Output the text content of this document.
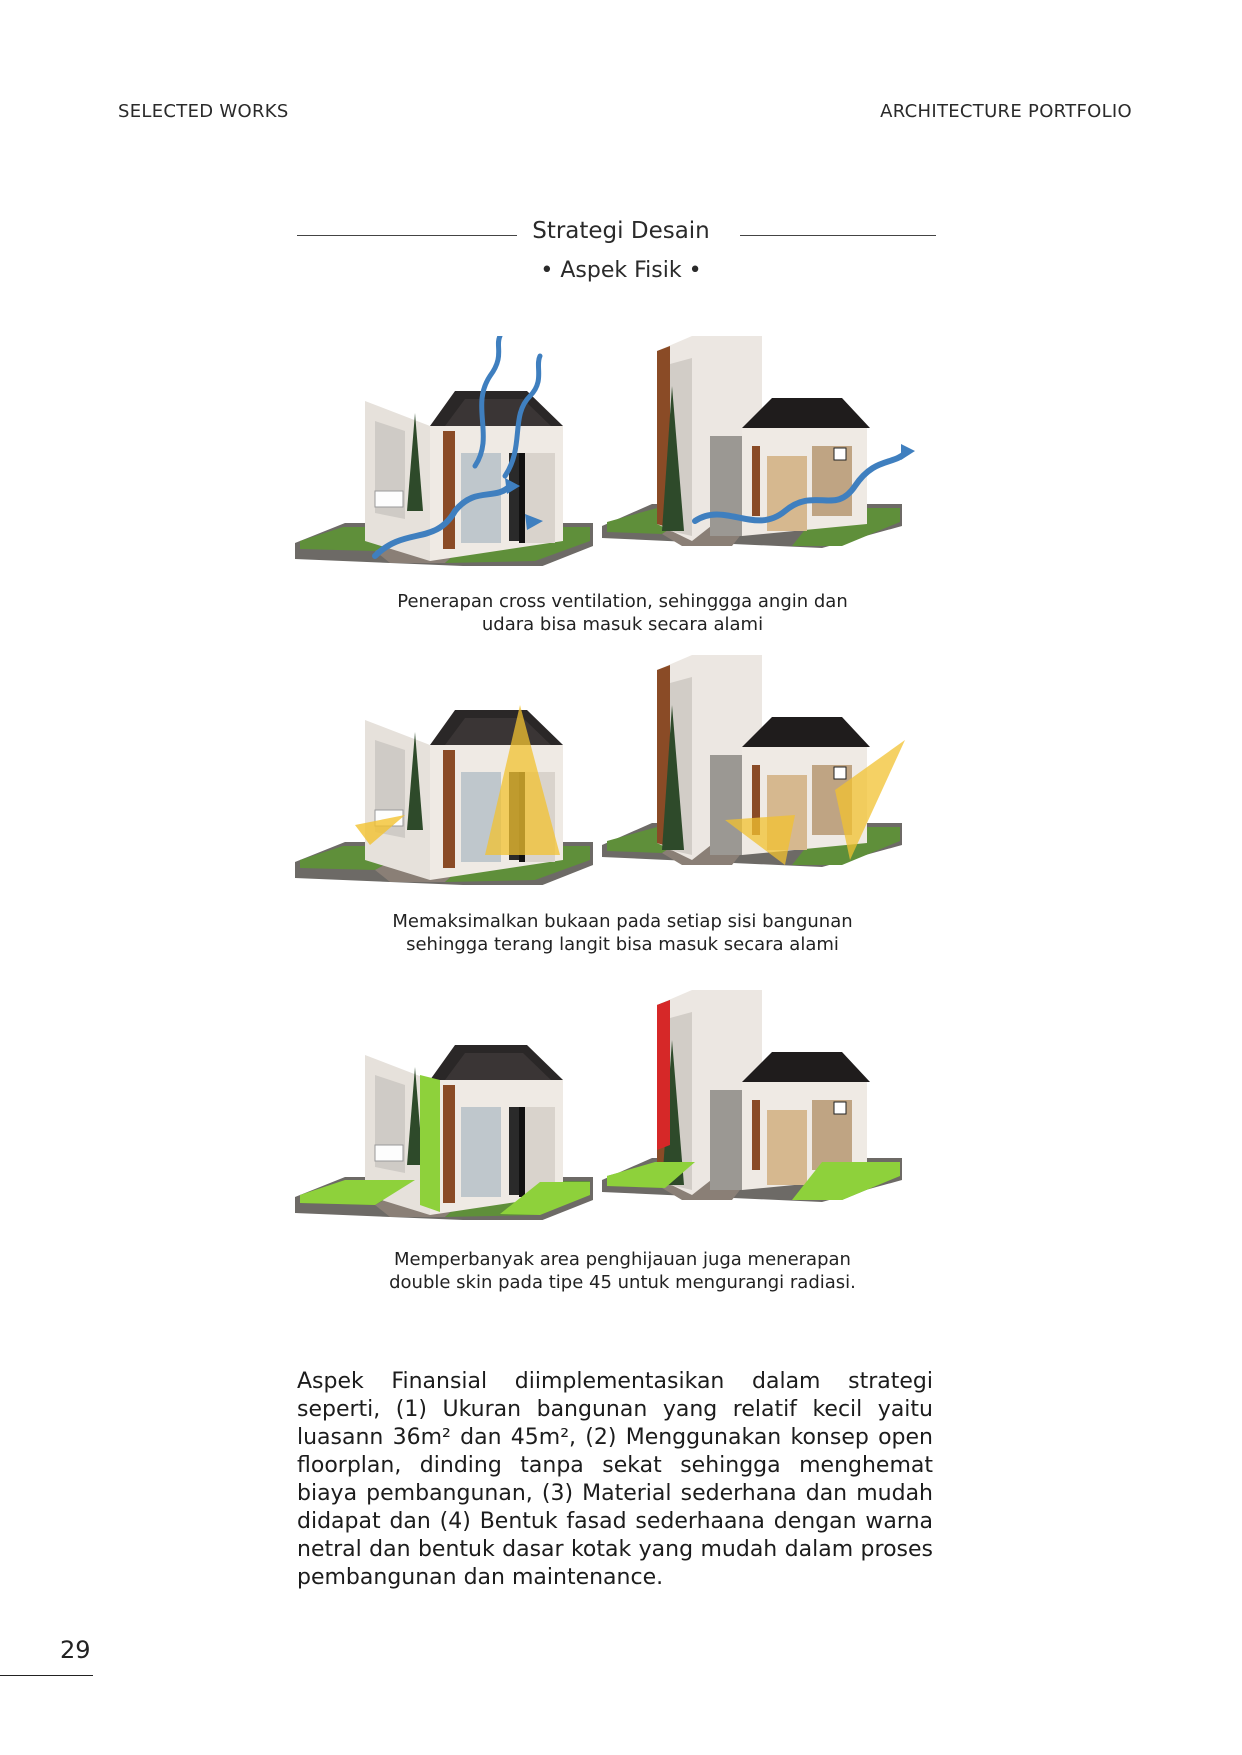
SELECTED WORKS	ARCHITECTURE PORTFOLIO
Strategi Desain
• Aspek Fisik •
Penerapan cross ventilation, sehinggga angin dan udara bisa masuk secara alami
Memaksimalkan bukaan pada setiap sisi bangunan sehingga terang langit bisa masuk secara alami
Memperbanyak area penghijauan juga menerapan double skin pada tipe 45 untuk mengurangi radiasi.
Aspek Finansial diimplementasikan dalam strategi seperti, (1) Ukuran bangunan yang relatif kecil yaitu luasann 36m² dan 45m², (2) Menggunakan konsep open floorplan, dinding tanpa sekat sehingga menghemat biaya pembangunan, (3) Material sederhana dan mudah didapat dan (4) Bentuk fasad sederhaana dengan warna netral dan bentuk dasar kotak yang mudah dalam proses pembangunan dan maintenance.
29
